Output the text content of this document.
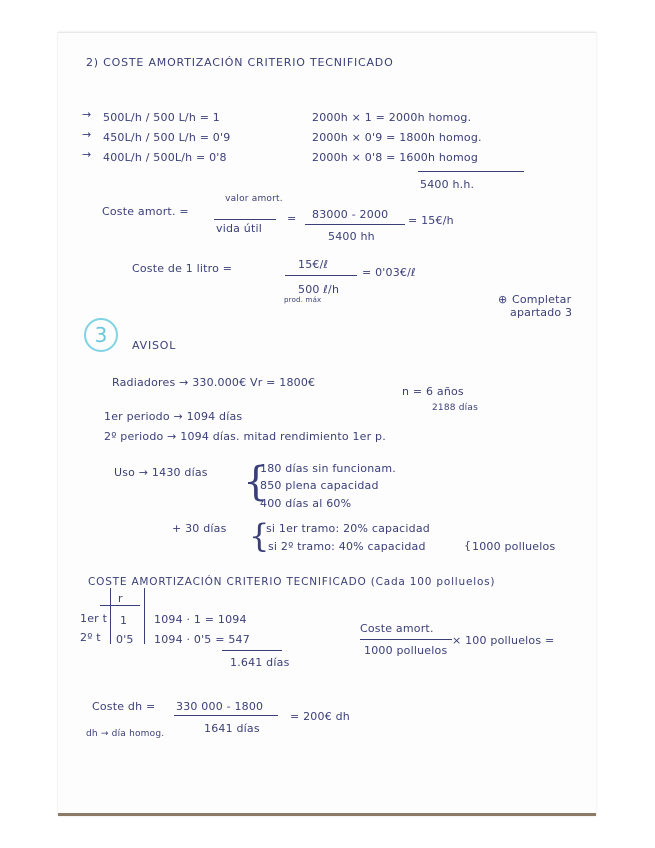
2) COSTE AMORTIZACIÓN CRITERIO TECNIFICADO
→ 500L/h / 500 L/h = 1	2000h × 1 = 2000h homog.
→ 450L/h / 500 L/h = 0'9	2000h × 0'9 = 1800h homog.
→ 400L/h / 500L/h = 0'8	2000h × 0'8 = 1600h homog
5400 h.h.
Coste amort. =
valor amort.
vida útil
= 83000 - 2000
5400 hh
= 15€/h
Coste de 1 litro =	15€/ℓ
500 ℓ/h
prod. máx
= 0'03€/ℓ
⊕ Completar
apartado 3
3	AVISOL
Radiadores → 330.000€ Vr = 1800€
n = 6 años
2188 días
1er periodo → 1094 días
2º periodo → 1094 días. mitad rendimiento 1er p.
Uso → 1430 días {
180 días sin funcionam.
850 plena capacidad
400 días al 60%
+ 30 días {
si 1er tramo: 20% capacidad
si 2º tramo: 40% capacidad	{ 1000 polluelos
COSTE AMORTIZACIÓN CRITERIO TECNIFICADO (Cada 100 polluelos)
r
1er t 1 1094 · 1 = 1094
2º t 0'5 1094 · 0'5 = 547
1.641 días
Coste amort.
1000 polluelos
× 100 polluelos =
Coste dh = 330 000 - 1800
1641 días
= 200€ dh
dh → día homog.
